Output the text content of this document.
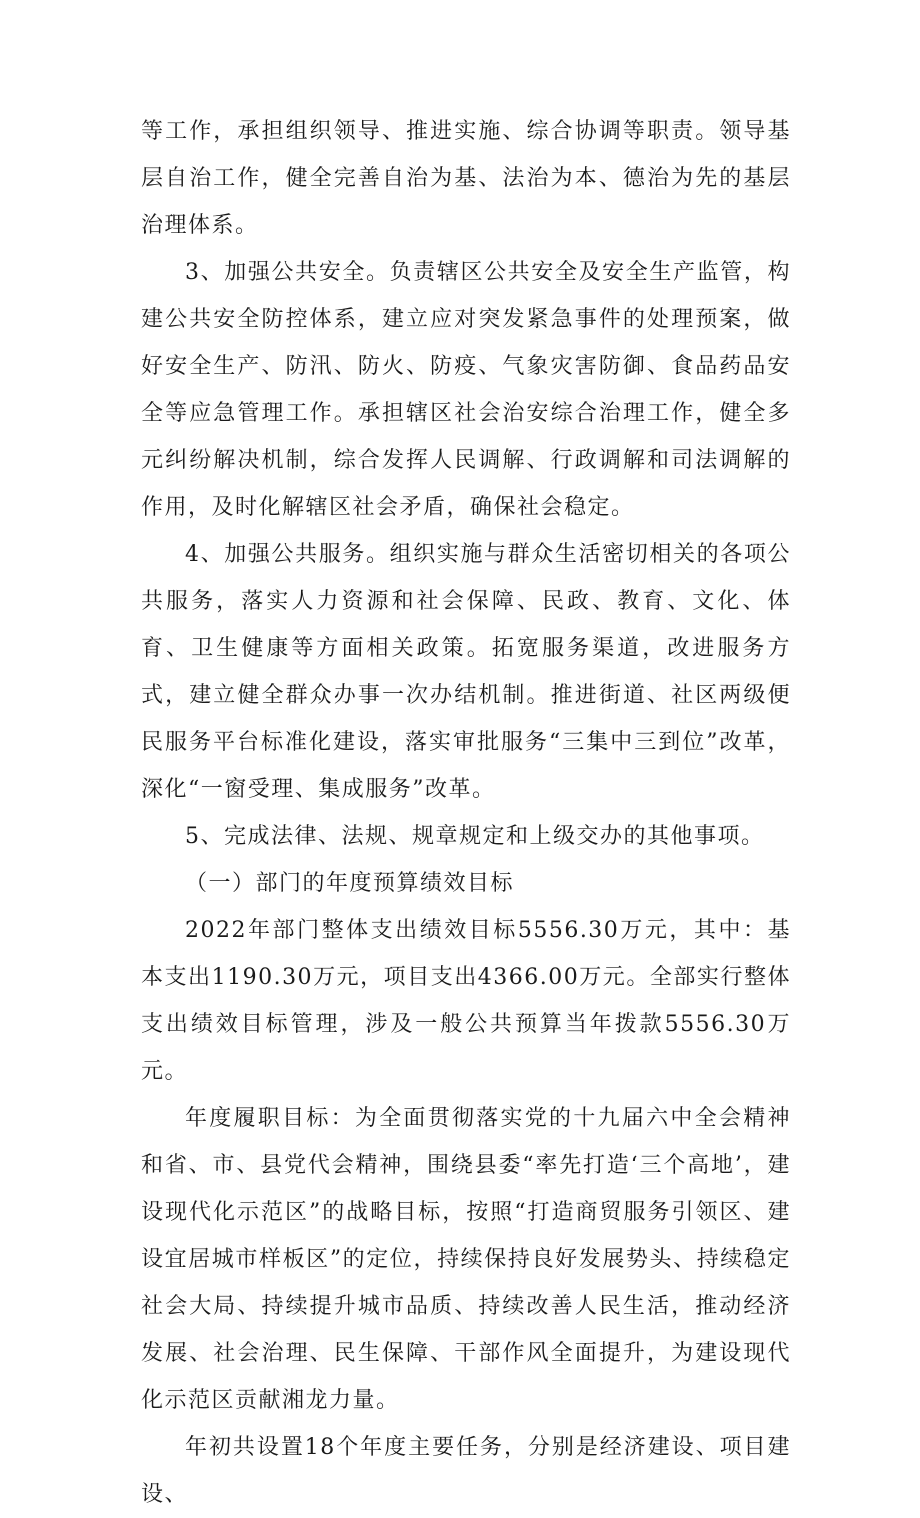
等工作，承担组织领导、推进实施、综合协调等职责。领导基层自治工作，健全完善自治为基、法治为本、德治为先的基层治理体系。

3、加强公共安全。负责辖区公共安全及安全生产监管，构建公共安全防控体系，建立应对突发紧急事件的处理预案，做好安全生产、防汛、防火、防疫、气象灾害防御、食品药品安全等应急管理工作。承担辖区社会治安综合治理工作，健全多元纠纷解决机制，综合发挥人民调解、行政调解和司法调解的作用，及时化解辖区社会矛盾，确保社会稳定。

4、加强公共服务。组织实施与群众生活密切相关的各项公共服务，落实人力资源和社会保障、民政、教育、文化、体育、卫生健康等方面相关政策。拓宽服务渠道，改进服务方式，建立健全群众办事一次办结机制。推进街道、社区两级便民服务平台标准化建设，落实审批服务“三集中三到位”改革，深化“一窗受理、集成服务”改革。

5、完成法律、法规、规章规定和上级交办的其他事项。

（一）部门的年度预算绩效目标

2022年部门整体支出绩效目标5556.30万元，其中：基本支出1190.30万元，项目支出4366.00万元。全部实行整体支出绩效目标管理，涉及一般公共预算当年拨款5556.30万元。

年度履职目标：为全面贯彻落实党的十九届六中全会精神和省、市、县党代会精神，围绕县委“率先打造‘三个高地’，建设现代化示范区”的战略目标，按照“打造商贸服务引领区、建设宜居城市样板区”的定位，持续保持良好发展势头、持续稳定社会大局、持续提升城市品质、持续改善人民生活，推动经济发展、社会治理、民生保障、干部作风全面提升，为建设现代化示范区贡献湘龙力量。

年初共设置18个年度主要任务，分别是经济建设、项目建设、
